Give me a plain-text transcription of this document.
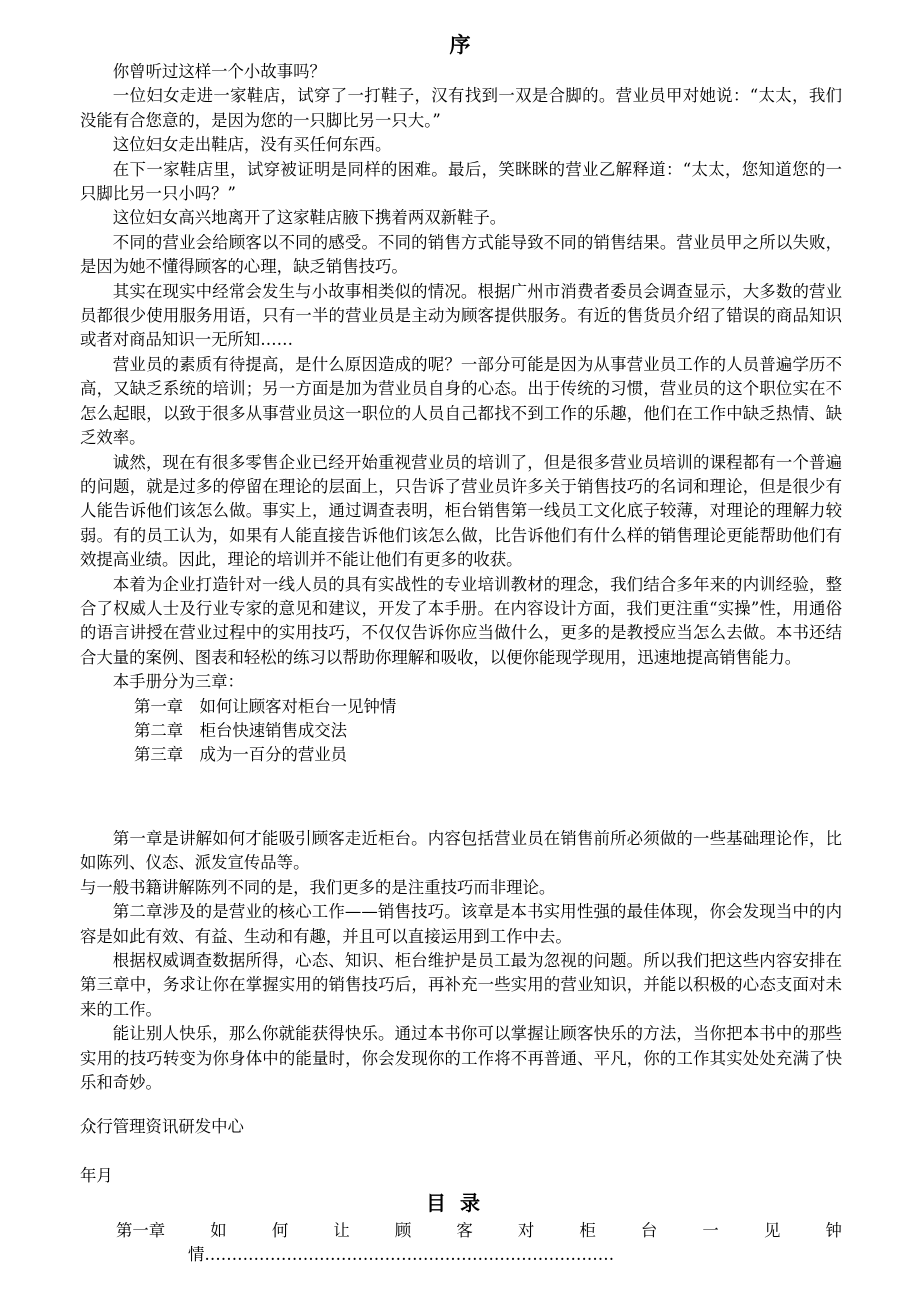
序

你曾听过这样一个小故事吗？

一位妇女走进一家鞋店，试穿了一打鞋子，汉有找到一双是合脚的。营业员甲对她说：“太太，我们没能有合您意的，是因为您的一只脚比另一只大。”

这位妇女走出鞋店，没有买任何东西。

在下一家鞋店里，试穿被证明是同样的困难。最后，笑眯眯的营业乙解释道：“太太，您知道您的一只脚比另一只小吗？”

这位妇女高兴地离开了这家鞋店腋下携着两双新鞋子。

不同的营业会给顾客以不同的感受。不同的销售方式能导致不同的销售结果。营业员甲之所以失败，是因为她不懂得顾客的心理，缺乏销售技巧。

其实在现实中经常会发生与小故事相类似的情况。根据广州市消费者委员会调查显示，大多数的营业员都很少使用服务用语，只有一半的营业员是主动为顾客提供服务。有近的售货员介绍了错误的商品知识或者对商品知识一无所知……

营业员的素质有待提高，是什么原因造成的呢？一部分可能是因为从事营业员工作的人员普遍学历不高，又缺乏系统的培训；另一方面是加为营业员自身的心态。出于传统的习惯，营业员的这个职位实在不怎么起眼，以致于很多从事营业员这一职位的人员自己都找不到工作的乐趣，他们在工作中缺乏热情、缺乏效率。

诚然，现在有很多零售企业已经开始重视营业员的培训了，但是很多营业员培训的课程都有一个普遍的问题，就是过多的停留在理论的层面上，只告诉了营业员许多关于销售技巧的名词和理论，但是很少有人能告诉他们该怎么做。事实上，通过调查表明，柜台销售第一线员工文化底子较薄，对理论的理解力较弱。有的员工认为，如果有人能直接告诉他们该怎么做，比告诉他们有什么样的销售理论更能帮助他们有效提高业绩。因此，理论的培训并不能让他们有更多的收获。

本着为企业打造针对一线人员的具有实战性的专业培训教材的理念，我们结合多年来的内训经验，整合了权威人士及行业专家的意见和建议，开发了本手册。在内容设计方面，我们更注重“实操”性，用通俗的语言讲授在营业过程中的实用技巧，不仅仅告诉你应当做什么，更多的是教授应当怎么去做。本书还结合大量的案例、图表和轻松的练习以帮助你理解和吸收，以便你能现学现用，迅速地提高销售能力。

本手册分为三章：

第一章　如何让顾客对柜台一见钟情
第二章　柜台快速销售成交法
第三章　成为一百分的营业员

第一章是讲解如何才能吸引顾客走近柜台。内容包括营业员在销售前所必须做的一些基础理论作，比如陈列、仪态、派发宣传品等。

与一般书籍讲解陈列不同的是，我们更多的是注重技巧而非理论。

第二章涉及的是营业的核心工作——销售技巧。该章是本书实用性强的最佳体现，你会发现当中的内容是如此有效、有益、生动和有趣，并且可以直接运用到工作中去。

根据权威调查数据所得，心态、知识、柜台维护是员工最为忽视的问题。所以我们把这些内容安排在第三章中，务求让你在掌握实用的销售技巧后，再补充一些实用的营业知识，并能以积极的心态支面对未来的工作。

能让别人快乐，那么你就能获得快乐。通过本书你可以掌握让顾客快乐的方法，当你把本书中的那些实用的技巧转变为你身体中的能量时，你会发现你的工作将不再普通、平凡，你的工作其实处处充满了快乐和奇妙。

众行管理资讯研发中心
年月
目录
第一章	如	何	让	顾	客	对	柜	台	一	见	钟
情…………………………………………………………………
